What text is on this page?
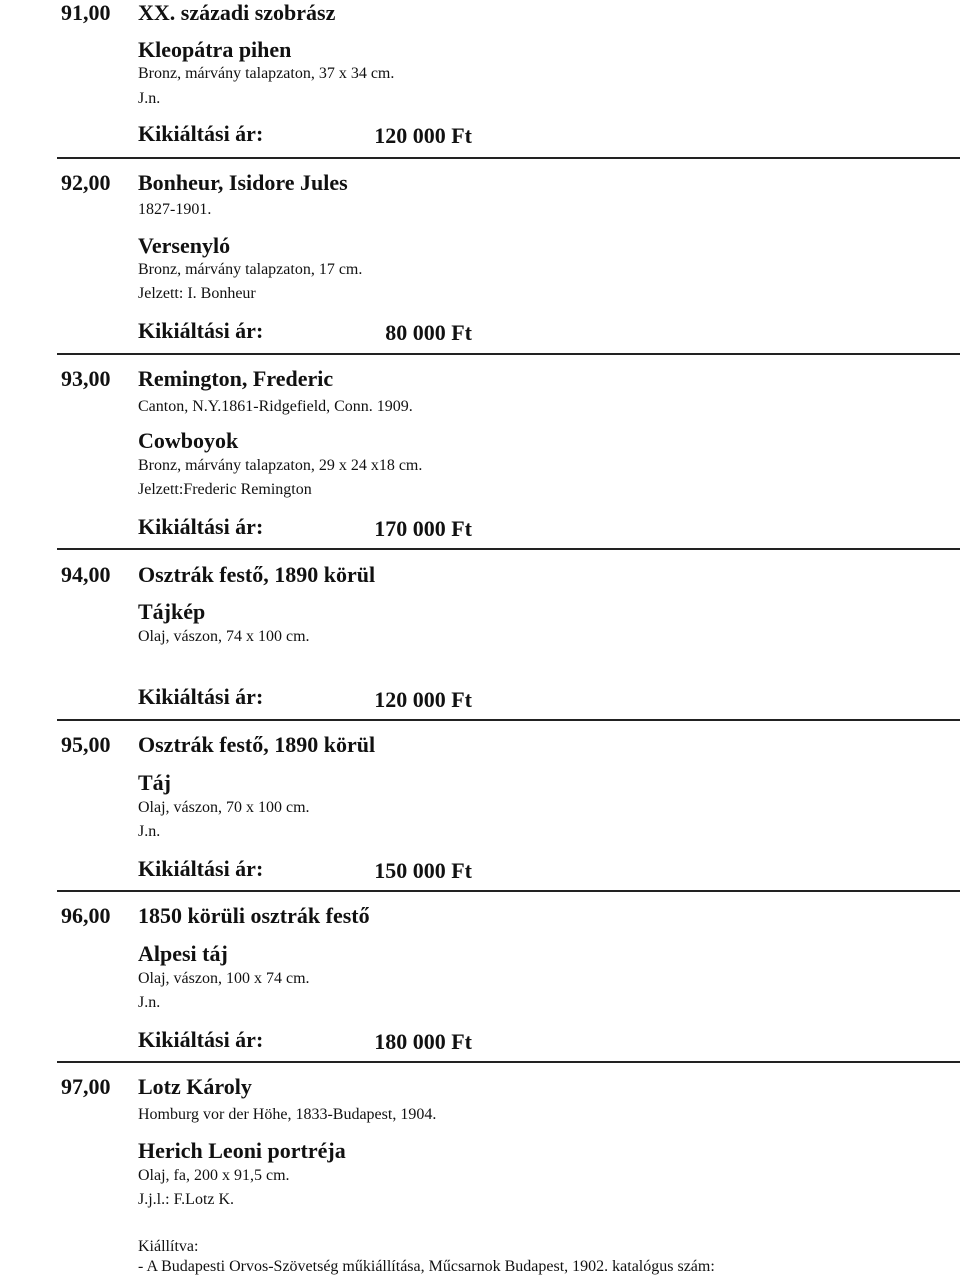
91,00 XX. századi szobrász
Kleopátra pihen
Bronz, márvány talapzaton, 37 x 34 cm.
J.n.
Kikiáltási ár:	120 000 Ft
92,00 Bonheur, Isidore Jules
1827-1901.
Versenyló
Bronz, márvány talapzaton, 17 cm.
Jelzett: I. Bonheur
Kikiáltási ár:	80 000 Ft
93,00 Remington, Frederic
Canton, N.Y.1861-Ridgefield, Conn. 1909.
Cowboyok
Bronz, márvány talapzaton, 29 x 24 x18 cm.
Jelzett:Frederic Remington
Kikiáltási ár:	170 000 Ft
94,00 Osztrák festő, 1890 körül
Tájkép
Olaj, vászon, 74 x 100 cm.
Kikiáltási ár:	120 000 Ft
95,00 Osztrák festő, 1890 körül
Táj
Olaj, vászon, 70 x 100 cm.
J.n.
Kikiáltási ár:	150 000 Ft
96,00 1850 körüli osztrák festő
Alpesi táj
Olaj, vászon, 100 x 74 cm.
J.n.
Kikiáltási ár:	180 000 Ft
97,00 Lotz Károly
Homburg vor der Höhe, 1833-Budapest, 1904.
Herich Leoni portréja
Olaj, fa, 200 x 91,5 cm.
J.j.l.: F.Lotz K.
Kiállítva:
- A Budapesti Orvos-Szövetség műkiállítása, Műcsarnok Budapest, 1902. katalógus szám:
